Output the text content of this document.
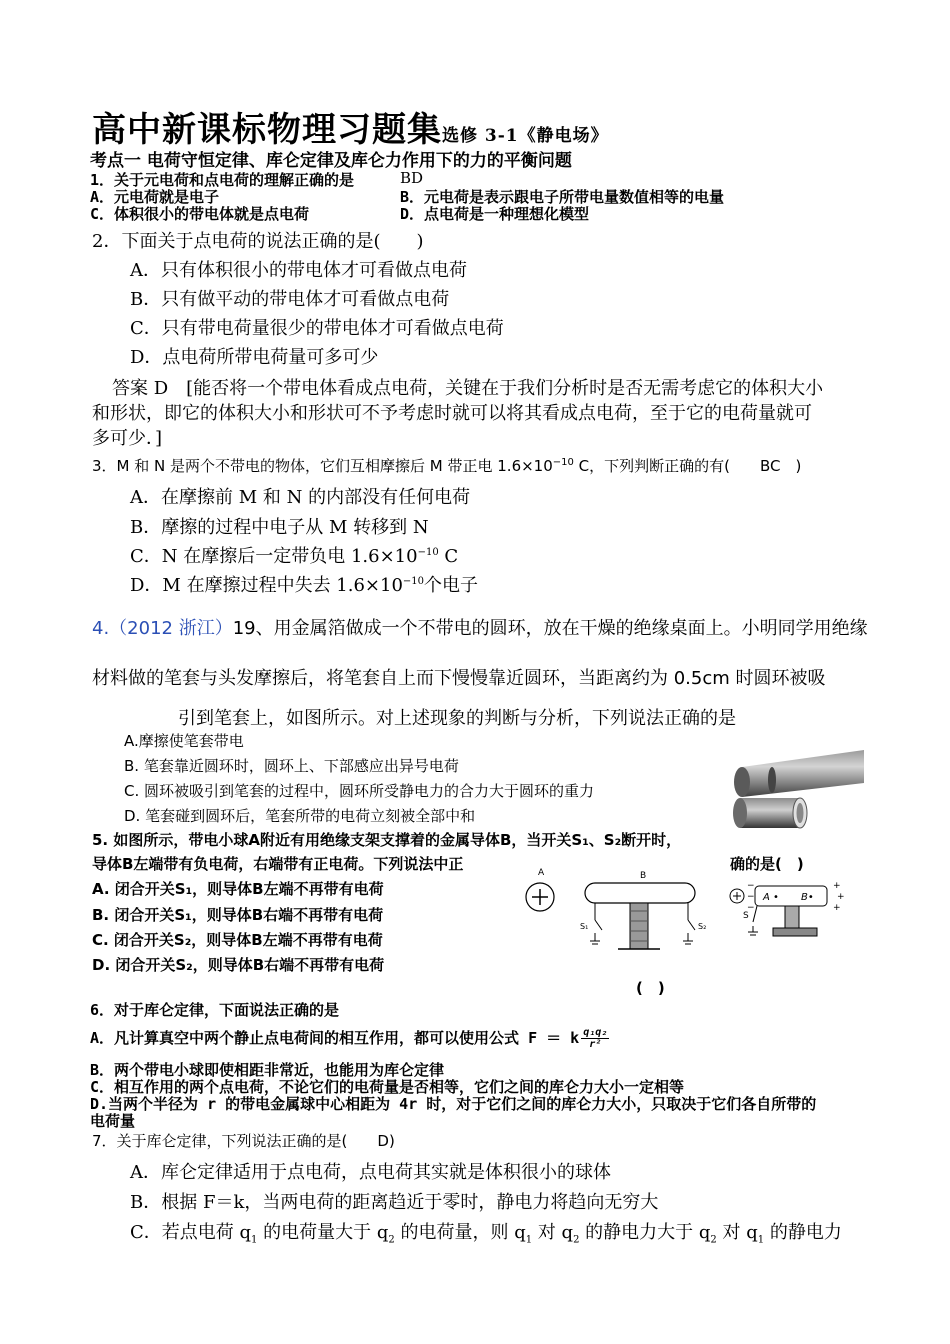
高中新课标物理习题集选修 3-1《静电场》
考点一 电荷守恒定律、库仑定律及库仑力作用下的力的平衡问题
1．关于元电荷和点电荷的理解正确的是	BD
A．元电荷就是电子	B．元电荷是表示跟电子所带电量数值相等的电量
C．体积很小的带电体就是点电荷	D．点电荷是一种理想化模型
2．下面关于点电荷的说法正确的是(　　)
A．只有体积很小的带电体才可看做点电荷
B．只有做平动的带电体才可看做点电荷
C．只有带电荷量很少的带电体才可看做点电荷
D．点电荷所带电荷量可多可少
答案 D　[能否将一个带电体看成点电荷，关键在于我们分析时是否无需考虑它的体积大小
和形状，即它的体积大小和形状可不予考虑时就可以将其看成点电荷，至于它的电荷量就可
多可少．]
3．M 和 N 是两个不带电的物体，它们互相摩擦后 M 带正电 $1.6\times 10^{-10}$ C，下列判断正确的有(　　BC　)
A．在摩擦前 M 和 N 的内部没有任何电荷
B．摩擦的过程中电子从 M 转移到 N
C．N 在摩擦后一定带负电 $1.6\times 10^{-10}$ C
D．M 在摩擦过程中失去 $1.6\times 10^{-10}$个电子
4.（2012 浙江）19、用金属箔做成一个不带电的圆环，放在干燥的绝缘桌面上。小明同学用绝缘
材料做的笔套与头发摩擦后，将笔套自上而下慢慢靠近圆环，当距离约为 0.5cm 时圆环被吸
引到笔套上，如图所示。对上述现象的判断与分析，下列说法正确的是
A.摩擦使笔套带电
B. 笔套靠近圆环时，圆环上、下部感应出异号电荷
C. 圆环被吸引到笔套的过程中，圆环所受静电力的合力大于圆环的重力
D. 笔套碰到圆环后，笔套所带的电荷立刻被全部中和
5. 如图所示，带电小球A附近有用绝缘支架支撑着的金属导体B，当开关S₁、S₂断开时，
导体B左端带有负电荷，右端带有正电荷。下列说法中正	确的是(　)
A. 闭合开关S₁，则导体B左端不再带有电荷
B. 闭合开关S₁，则导体B右端不再带有电荷
C. 闭合开关S₂，则导体B左端不再带有电荷
D. 闭合开关S₂，则导体B右端不再带有电荷
(　)
A	B
S₁	S₂
−
−
−
A • B•
+
+
+
S
6．对于库仑定律，下面说法正确的是
A．凡计算真空中两个静止点电荷间的相互作用，都可以使用公式 F ＝ k $\frac{\text{q₁q₂}}{\text{r²}}$
B．两个带电小球即使相距非常近，也能用为库仑定律
C．相互作用的两个点电荷，不论它们的电荷量是否相等，它们之间的库仑力大小一定相等
D.当两个半径为 r 的带电金属球中心相距为 4r 时，对于它们之间的库仑力大小，只取决于它们各自所带的
电荷量
7．关于库仑定律，下列说法正确的是(　　D)
A．库仑定律适用于点电荷，点电荷其实就是体积很小的球体
B．根据 F＝k，当两电荷的距离趋近于零时，静电力将趋向无穷大
C．若点电荷 $q_1$ 的电荷量大于 $q_2$ 的电荷量，则 $q_1$ 对 $q_2$ 的静电力大于 $q_2$ 对 $q_1$ 的静电力
